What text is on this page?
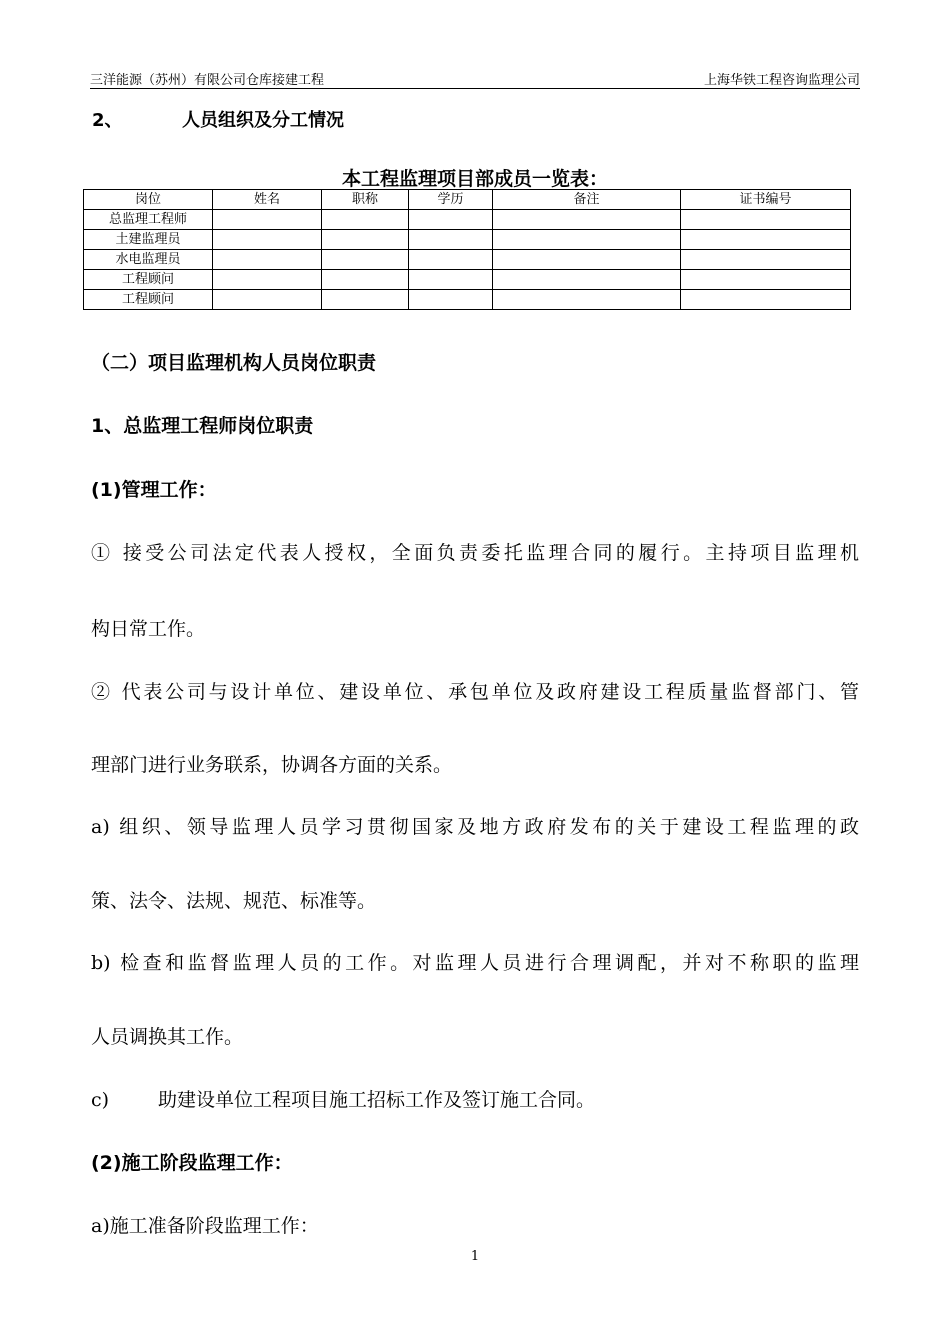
三洋能源（苏州）有限公司仓库接建工程	上海华铁工程咨询监理公司
2、	人员组织及分工情况
本工程监理项目部成员一览表：
岗位	姓名	职称	学历	备注	证书编号
总监理工程师					
土建监理员					
水电监理员					
工程顾问					
工程顾问					
（二）项目监理机构人员岗位职责
1、总监理工程师岗位职责
(1)管理工作：
① 接受公司法定代表人授权，全面负责委托监理合同的履行。主持项目监理机
构日常工作。
② 代表公司与设计单位、建设单位、承包单位及政府建设工程质量监督部门、管
理部门进行业务联系，协调各方面的关系。
a) 组织、领导监理人员学习贯彻国家及地方政府发布的关于建设工程监理的政
策、法令、法规、规范、标准等。
b) 检查和监督监理人员的工作。对监理人员进行合理调配，并对不称职的监理
人员调换其工作。
c)	助建设单位工程项目施工招标工作及签订施工合同。
(2)施工阶段监理工作：
a)施工准备阶段监理工作：
1
